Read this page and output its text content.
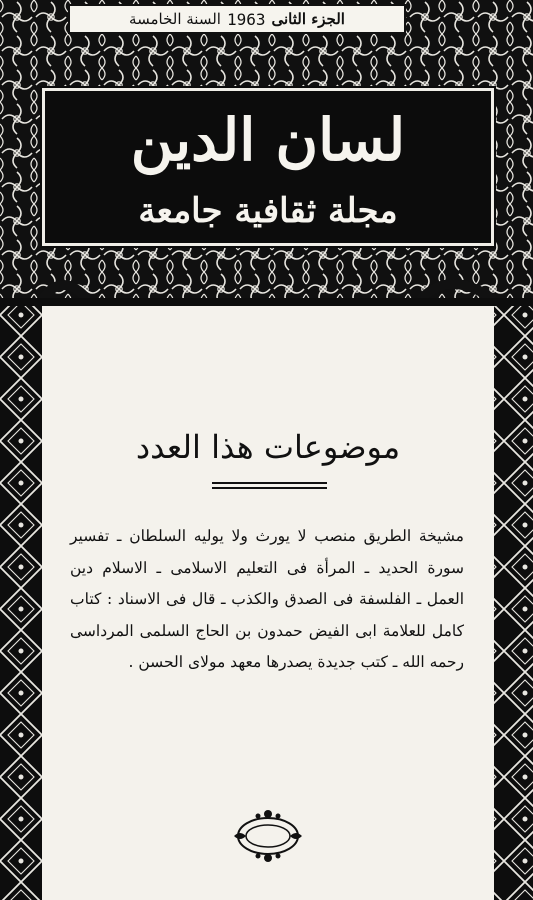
الجزء الثانى
1963
السنة الخامسة
لسان الدين
مجلة ثقافية جامعة
موضوعات هذا العدد
مشيخة الطريق منصب لا يورث ولا يوليه السلطان ـ تفسير سورة الحديد ـ المرأة فى التعليم الاسلامى ـ الاسلام دين العمل ـ الفلسفة فى الصدق والكذب ـ قال فى الاسناد : كتاب كامل للعلامة ابى الفيض حمدون بن الحاج السلمى المرداسى رحمه الله ـ كتب جديدة يصدرها معهد مولاى الحسن .
